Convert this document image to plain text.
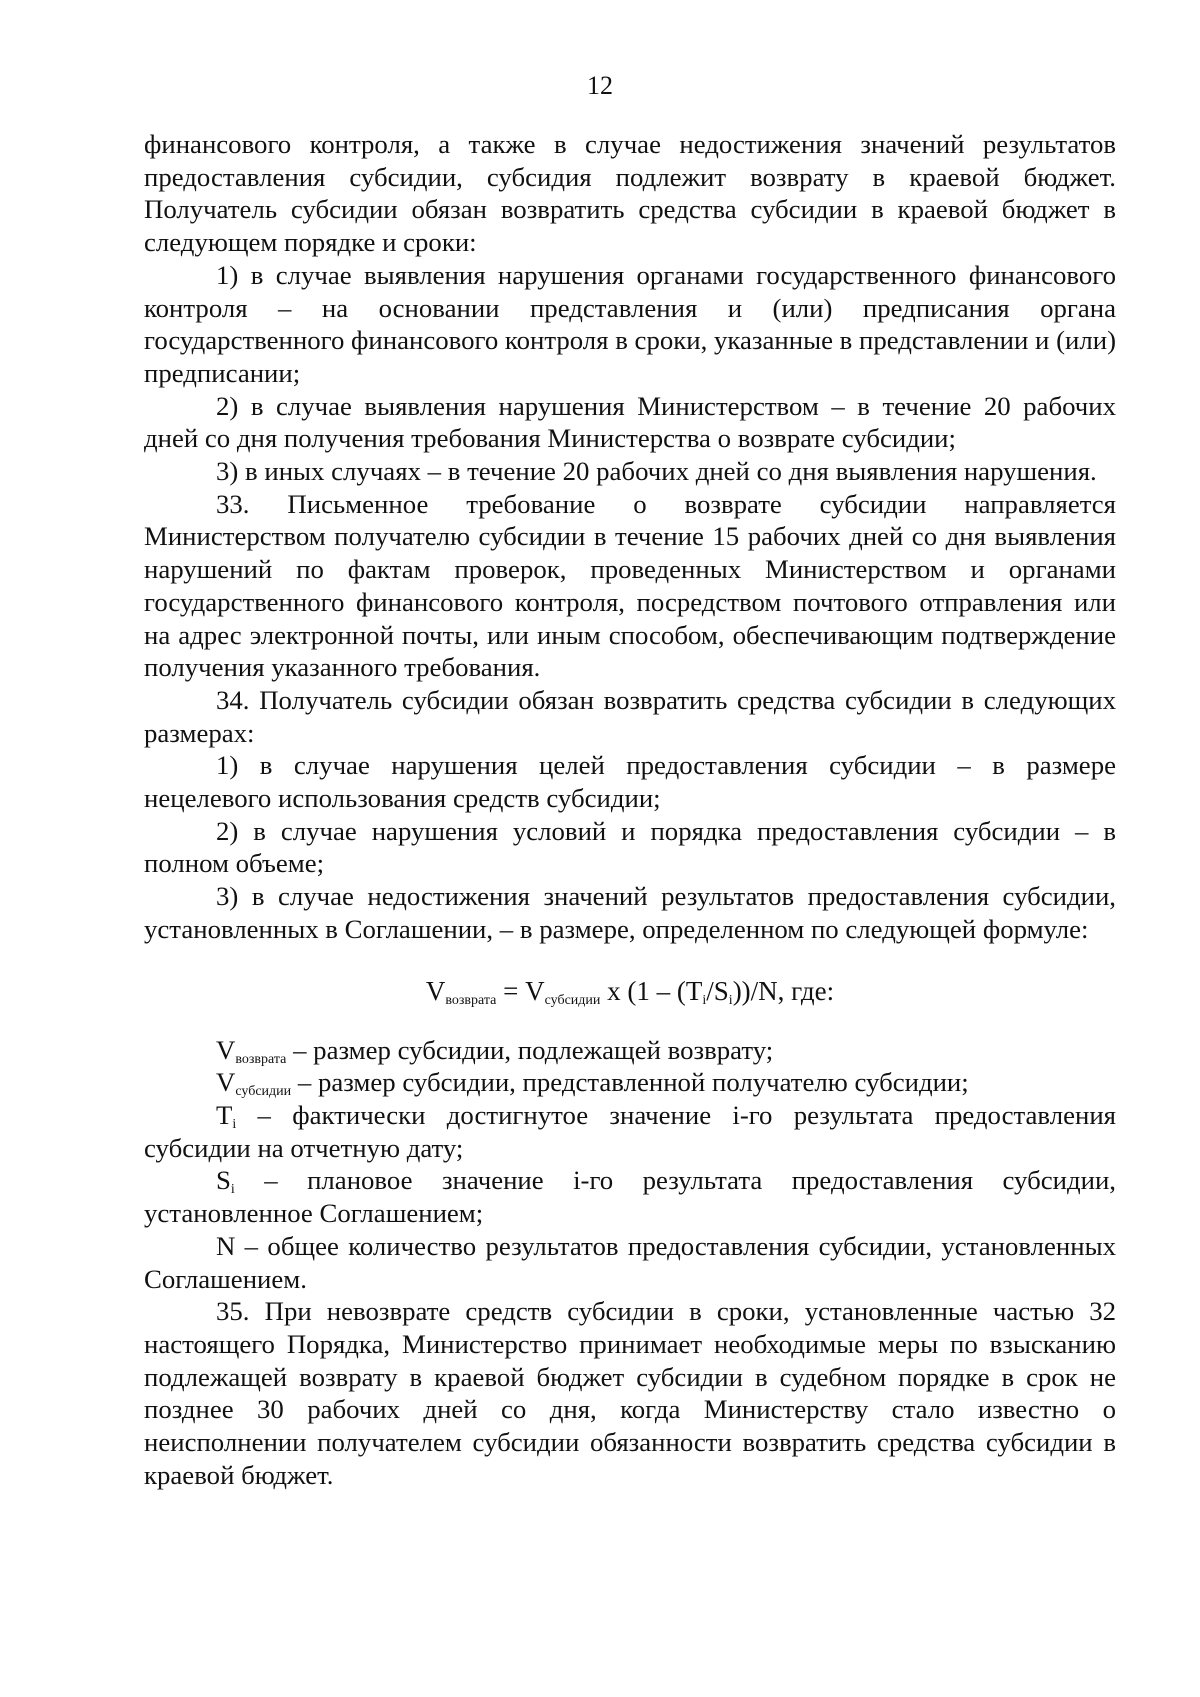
12

финансового контроля, а также в случае недостижения значений результатов предоставления субсидии, субсидия подлежит возврату в краевой бюджет. Получатель субсидии обязан возвратить средства субсидии в краевой бюджет в следующем порядке и сроки:

1) в случае выявления нарушения органами государственного финансового контроля – на основании представления и (или) предписания органа государственного финансового контроля в сроки, указанные в представлении и (или) предписании;

2) в случае выявления нарушения Министерством – в течение 20 рабочих дней со дня получения требования Министерства о возврате субсидии;

3) в иных случаях – в течение 20 рабочих дней со дня выявления нарушения.

33. Письменное требование о возврате субсидии направляется Министерством получателю субсидии в течение 15 рабочих дней со дня выявления нарушений по фактам проверок, проведенных Министерством и органами государственного финансового контроля, посредством почтового отправления или на адрес электронной почты, или иным способом, обеспечивающим подтверждение получения указанного требования.

34. Получатель субсидии обязан возвратить средства субсидии в следующих размерах:

1) в случае нарушения целей предоставления субсидии – в размере нецелевого использования средств субсидии;

2) в случае нарушения условий и порядка предоставления субсидии – в полном объеме;

3) в случае недостижения значений результатов предоставления субсидии, установленных в Соглашении, – в размере, определенном по следующей формуле:

$V_{возврата} = V_{субсидии}$ x $(1 - (T_i/S_i))/N$, где:

$V_{возврата}$ – размер субсидии, подлежащей возврату;

$V_{субсидии}$ – размер субсидии, представленной получателю субсидии;

$T_i$ – фактически достигнутое значение i-го результата предоставления субсидии на отчетную дату;

$S_i$ – плановое значение i-го результата предоставления субсидии, установленное Соглашением;

N – общее количество результатов предоставления субсидии, установленных Соглашением.

35. При невозврате средств субсидии в сроки, установленные частью 32 настоящего Порядка, Министерство принимает необходимые меры по взысканию подлежащей возврату в краевой бюджет субсидии в судебном порядке в срок не позднее 30 рабочих дней со дня, когда Министерству стало известно о неисполнении получателем субсидии обязанности возвратить средства субсидии в краевой бюджет.
